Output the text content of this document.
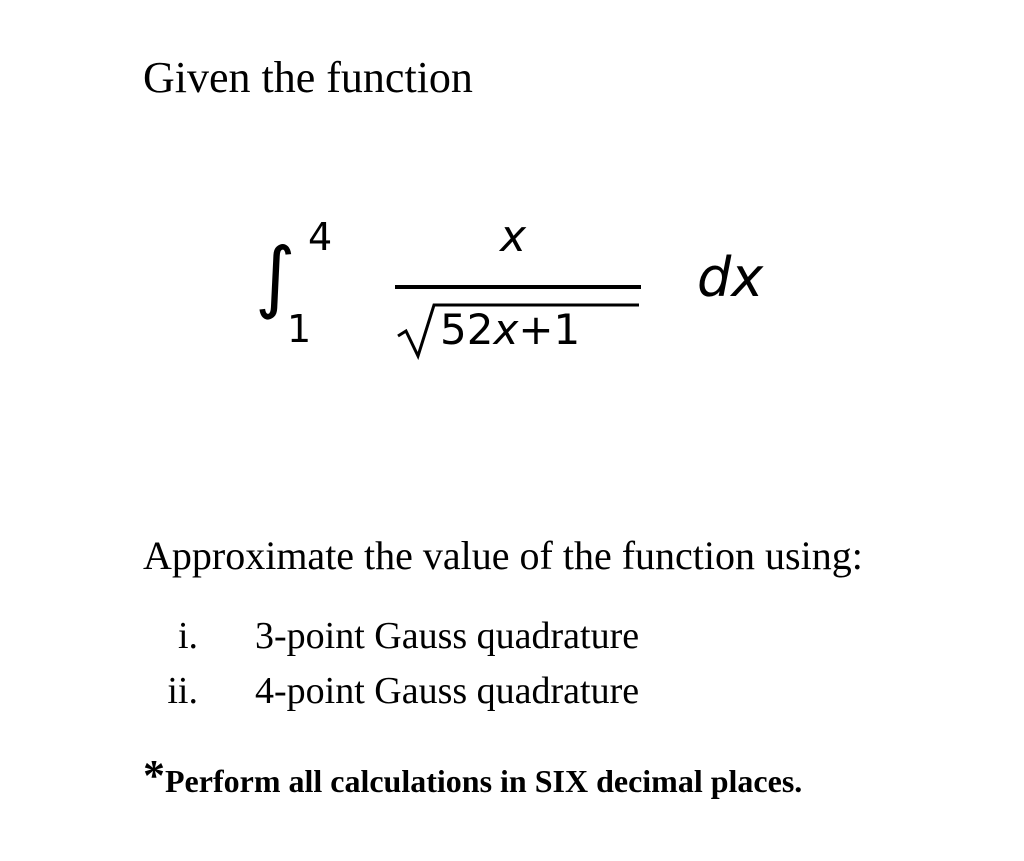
Given the function
∫ 4
1
x
52x+1
dx
Approximate the value of the function using:
i. 3-point Gauss quadrature
ii. 4-point Gauss quadrature
*Perform all calculations in SIX decimal places.
